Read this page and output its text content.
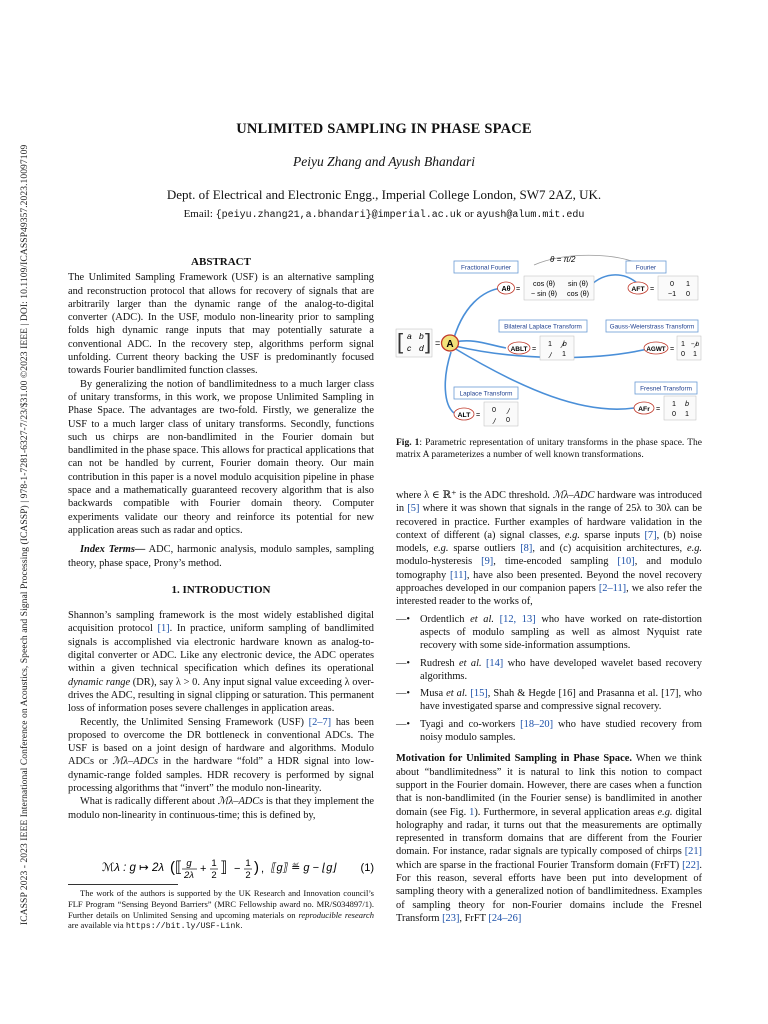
ICASSP 2023 - 2023 IEEE International Conference on Acoustics, Speech and Signal Processing (ICASSP) | 978-1-7281-6327-7/23/$31.00 ©2023 IEEE | DOI: 10.1109/ICASSP49357.2023.10097109
UNLIMITED SAMPLING IN PHASE SPACE
Peiyu Zhang and Ayush Bhandari
Dept. of Electrical and Electronic Engg., Imperial College London, SW7 2AZ, UK.
Email: {peiyu.zhang21,a.bhandari}@imperial.ac.uk or ayush@alum.mit.edu

ABSTRACT

The Unlimited Sampling Framework (USF) is an alternative sampling and reconstruction protocol that allows for recovery of signals that are arbitrarily larger than the dynamic range of the analog-to-digital converter (ADC). In the USF, modulo non-linearity prior to sampling folds high dynamic range inputs that may potentially saturate a conventional ADC. In the recovery step, algorithms perform signal unfolding. Current theory backing the USF is predominantly focused towards Fourier bandlimited function classes.

By generalizing the notion of bandlimitedness to a much larger class of unitary transforms, in this work, we propose Unlimited Sampling in Phase Space. The advantages are two-fold. Firstly, we generalize the USF to a much larger class of unitary transforms. Secondly, functions such us chirps are non-bandlimited in the Fourier domain but bandlimited in the phase space. This allows for practical applications that can not be handled by current, Fourier domain theory. Our main contribution in this paper is a novel modulo acquisition pipeline in phase space and a mathematically guaranteed recovery algorithm that is also backwards compatible with Fourier domain theory. Computer experiments validate our theory and reinforce its potential for new application areas such as radar and optics.

Index Terms— ADC, harmonic analysis, modulo samples, sampling theory, phase space, Prony’s method.

1. INTRODUCTION

Shannon’s sampling framework is the most widely established digital acquisition protocol [1]. In practice, uniform sampling of bandlimited signals is accomplished via electronic hardware known as analog-to-digital converter or ADC. Like any electronic device, the ADC operates within a given technical specification which defines its operational dynamic range (DR), say λ > 0. Any input signal value exceeding λ over-drives the ADC, resulting in signal clipping or saturation. This permanent loss of information poses severe challenges in application areas.

Recently, the Unlimited Sensing Framework (USF) [2–7] has been proposed to overcome the DR bottleneck in conventional ADCs. The USF is based on a joint design of hardware and algorithms. Modulo ADCs or ℳλ–ADCs in the hardware “fold” a HDR signal into low-dynamic-range folded samples. HDR recovery is performed by signal processing algorithms that “invert” the modulo non-linearity.

What is radically different about ℳλ–ADCs is that they implement the modulo non-linearity in continuous-time; this is defined by,

ℳλ : g ↦ 2λ ( ⟦ g
2λ
+ 1
2 ⟧ − 1
2 ) , ⟦g⟧ ≝ g − ⌊g⌋ (1)
The work of the authors is supported by the UK Research and Innovation council’s FLF Program “Sensing Beyond Barriers” (MRC Fellowship award no. MR/S034897/1). Further details on Unlimited Sensing and upcoming materials on reproducible research are available via https://bit.ly/USF-Link.
θ = π/2
Fractional Fourier	Fourier
Bilateral Laplace Transform	Gauss-Weierstrass Transform
Laplace Transform
Fresnel Transform
[ ]
a b
c d = A
Aθ =
cos (θ) sin (θ)
− sin (θ) cos (θ)	AFT =
0 1
−1 0
ABLT =
1 𝚥b
𝚥 1	AGWT =
1 −𝚥b
0 1
ALT =
0 𝚥
𝚥 0
AFr =
1 b
0 1
Fig. 1: Parametric representation of unitary transforms in the phase space. The matrix A parameterizes a number of well known transformations.

where λ ∈ ℝ⁺ is the ADC threshold. ℳλ–ADC hardware was introduced in [5] where it was shown that signals in the range of 25λ to 30λ can be recovered in practice. Further examples of hardware validation in the context of different (a) signal classes, e.g. sparse inputs [7], (b) noise models, e.g. sparse outliers [8], and (c) acquisition architectures, e.g. modulo-hysteresis [9], time-encoded sampling [10], and modulo tomography [11], have also been presented. Beyond the novel recovery approaches developed in our companion papers [2–11], we also refer the interested reader to the works of,

—• Ordentlich et al. [12, 13] who have worked on rate-distortion aspects of modulo sampling as well as almost Nyquist rate recovery with some side-information assumptions.
—• Rudresh et al. [14] who have developed wavelet based recovery algorithms.
—• Musa et al. [15], Shah & Hegde [16] and Prasanna et al. [17], who have investigated sparse and compressive signal recovery.
—• Tyagi and co-workers [18–20] who have studied recovery from noisy modulo samples.

Motivation for Unlimited Sampling in Phase Space. When we think about “bandlimitedness” it is natural to link this notion to compact support in the Fourier domain. However, there are cases when a function that is non-bandlimited (in the Fourier sense) is bandlimited in another domain (see Fig. 1). Furthermore, in several application areas e.g. digital holography and radar, it turns out that the measurements are optimally represented in transform domains that are different from the Fourier domain. For instance, radar signals are typically composed of chirps [21] which are sparse in the fractional Fourier Transform domain (FrFT) [22]. For this reason, several efforts have been put into development of sampling theory with a generalized notion of bandlimitedness. Examples of sampling theory for non-Fourier domains include the Fresnel Transform [23], FrFT [24–26]
